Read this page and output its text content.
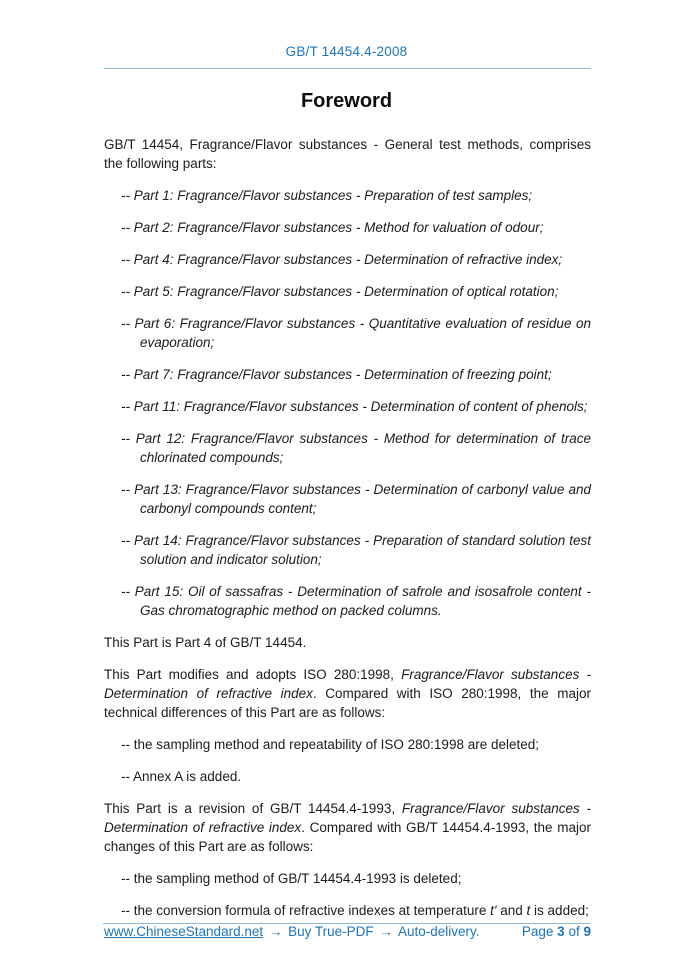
GB/T 14454.4-2008
Foreword

GB/T 14454, Fragrance/Flavor substances - General test methods, comprises the following parts:

-- Part 1: Fragrance/Flavor substances - Preparation of test samples;

-- Part 2: Fragrance/Flavor substances - Method for valuation of odour;

-- Part 4: Fragrance/Flavor substances - Determination of refractive index;

-- Part 5: Fragrance/Flavor substances - Determination of optical rotation;

-- Part 6: Fragrance/Flavor substances - Quantitative evaluation of residue on evaporation;

-- Part 7: Fragrance/Flavor substances - Determination of freezing point;

-- Part 11: Fragrance/Flavor substances - Determination of content of phenols;

-- Part 12: Fragrance/Flavor substances - Method for determination of trace chlorinated compounds;

-- Part 13: Fragrance/Flavor substances - Determination of carbonyl value and carbonyl compounds content;

-- Part 14: Fragrance/Flavor substances - Preparation of standard solution test solution and indicator solution;

-- Part 15: Oil of sassafras - Determination of safrole and isosafrole content - Gas chromatographic method on packed columns.

This Part is Part 4 of GB/T 14454.

This Part modifies and adopts ISO 280:1998, Fragrance/Flavor substances - Determination of refractive index. Compared with ISO 280:1998, the major technical differences of this Part are as follows:

-- the sampling method and repeatability of ISO 280:1998 are deleted;

-- Annex A is added.

This Part is a revision of GB/T 14454.4-1993, Fragrance/Flavor substances - Determination of refractive index. Compared with GB/T 14454.4-1993, the major changes of this Part are as follows:

-- the sampling method of GB/T 14454.4-1993 is deleted;

-- the conversion formula of refractive indexes at temperature t' and t is added;

www.ChineseStandard.net → Buy True-PDF → Auto-delivery.	Page 3 of 9
